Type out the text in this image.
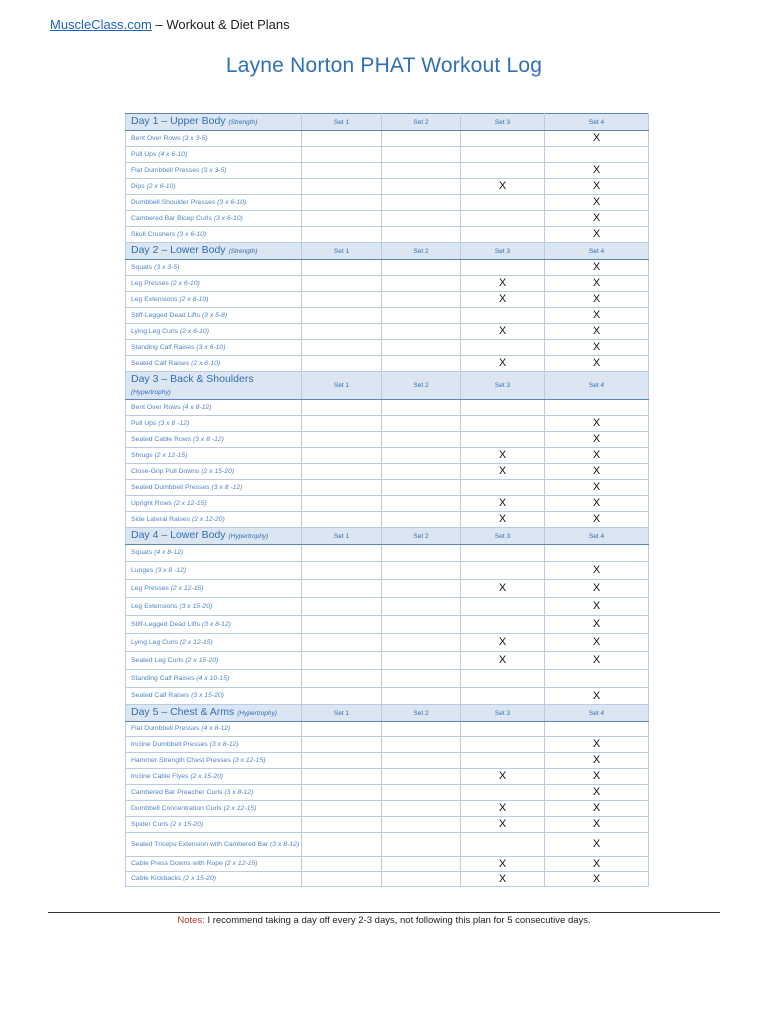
MuscleClass.com – Workout & Diet Plans
Layne Norton PHAT Workout Log
Day 1 – Upper Body (Strength)	Set 1	Set 2	Set 3	Set 4
Bent Over Rows (3 x 3-5)				X
Pull Ups (4 x 6-10)				
Flat Dumbbell Presses (3 x 3-5)				X
Dips (2 x 6-10)			X	X
Dumbbell Shoulder Presses (3 x 6-10)				X
Cambered Bar Bicep Curls (3 x 6-10)				X
Skull Crushers (3 x 6-10)				X
Day 2 – Lower Body (Strength)	Set 1	Set 2	Set 3	Set 4
Squats (3 x 3-5)				X
Leg Presses (2 x 6-10)			X	X
Leg Extensions (2 x 6-10)			X	X
Stiff-Legged Dead Lifts (3 x 5-8)				X
Lying Leg Curls (2 x 6-10)			X	X
Standing Calf Raises (3 x 6-10)				X
Seated Calf Raises (2 x 6-10)			X	X
Day 3 – Back & Shoulders
(Hypertrophy)	Set 1	Set 2	Set 3	Set 4
Bent Over Rows (4 x 8-12)				
Pull Ups (3 x 8 -12)				X
Seated Cable Rows (3 x 8 -12)				X
Shrugs (2 x 12-15)			X	X
Close-Grip Pull Downs (2 x 15-20)			X	X
Seated Dumbbell Presses (3 x 8 -12)				X
Upright Rows (2 x 12-15)			X	X
Side Lateral Raises (2 x 12-20)			X	X
Day 4 – Lower Body (Hypertrophy)	Set 1	Set 2	Set 3	Set 4
Squats (4 x 8-12)				
Lunges (3 x 8 -12)				X
Leg Presses (2 x 12-15)			X	X
Leg Extensions (3 x 15-20)				X
Stiff-Legged Dead Lifts (3 x 8-12)				X
Lying Leg Curls (2 x 12-15)			X	X
Seated Leg Curls (2 x 15-20)			X	X
Standing Calf Raises (4 x 10-15)				
Seated Calf Raises (3 x 15-20)				X
Day 5 – Chest & Arms (Hypertrophy)	Set 1	Set 2	Set 3	Set 4
Flat Dumbbell Presses (4 x 8-12)				
Incline Dumbbell Presses (3 x 8-12)				X
Hammer Strength Chest Presses (3 x 12-15)				X
Incline Cable Flyes (2 x 15-20)			X	X
Cambered Bar Preacher Curls (3 x 8-12)				X
Dumbbell Concentration Curls (2 x 12-15)			X	X
Spider Curls (2 x 15-20)			X	X
Seated Triceps Extension with Cambered Bar (3 x 8-12)				X
Cable Press Downs with Rope (2 x 12-15)			X	X
Cable Kickbacks (2 x 15-20)			X	X
Notes: I recommend taking a day off every 2-3 days, not following this plan for 5 consecutive days.
